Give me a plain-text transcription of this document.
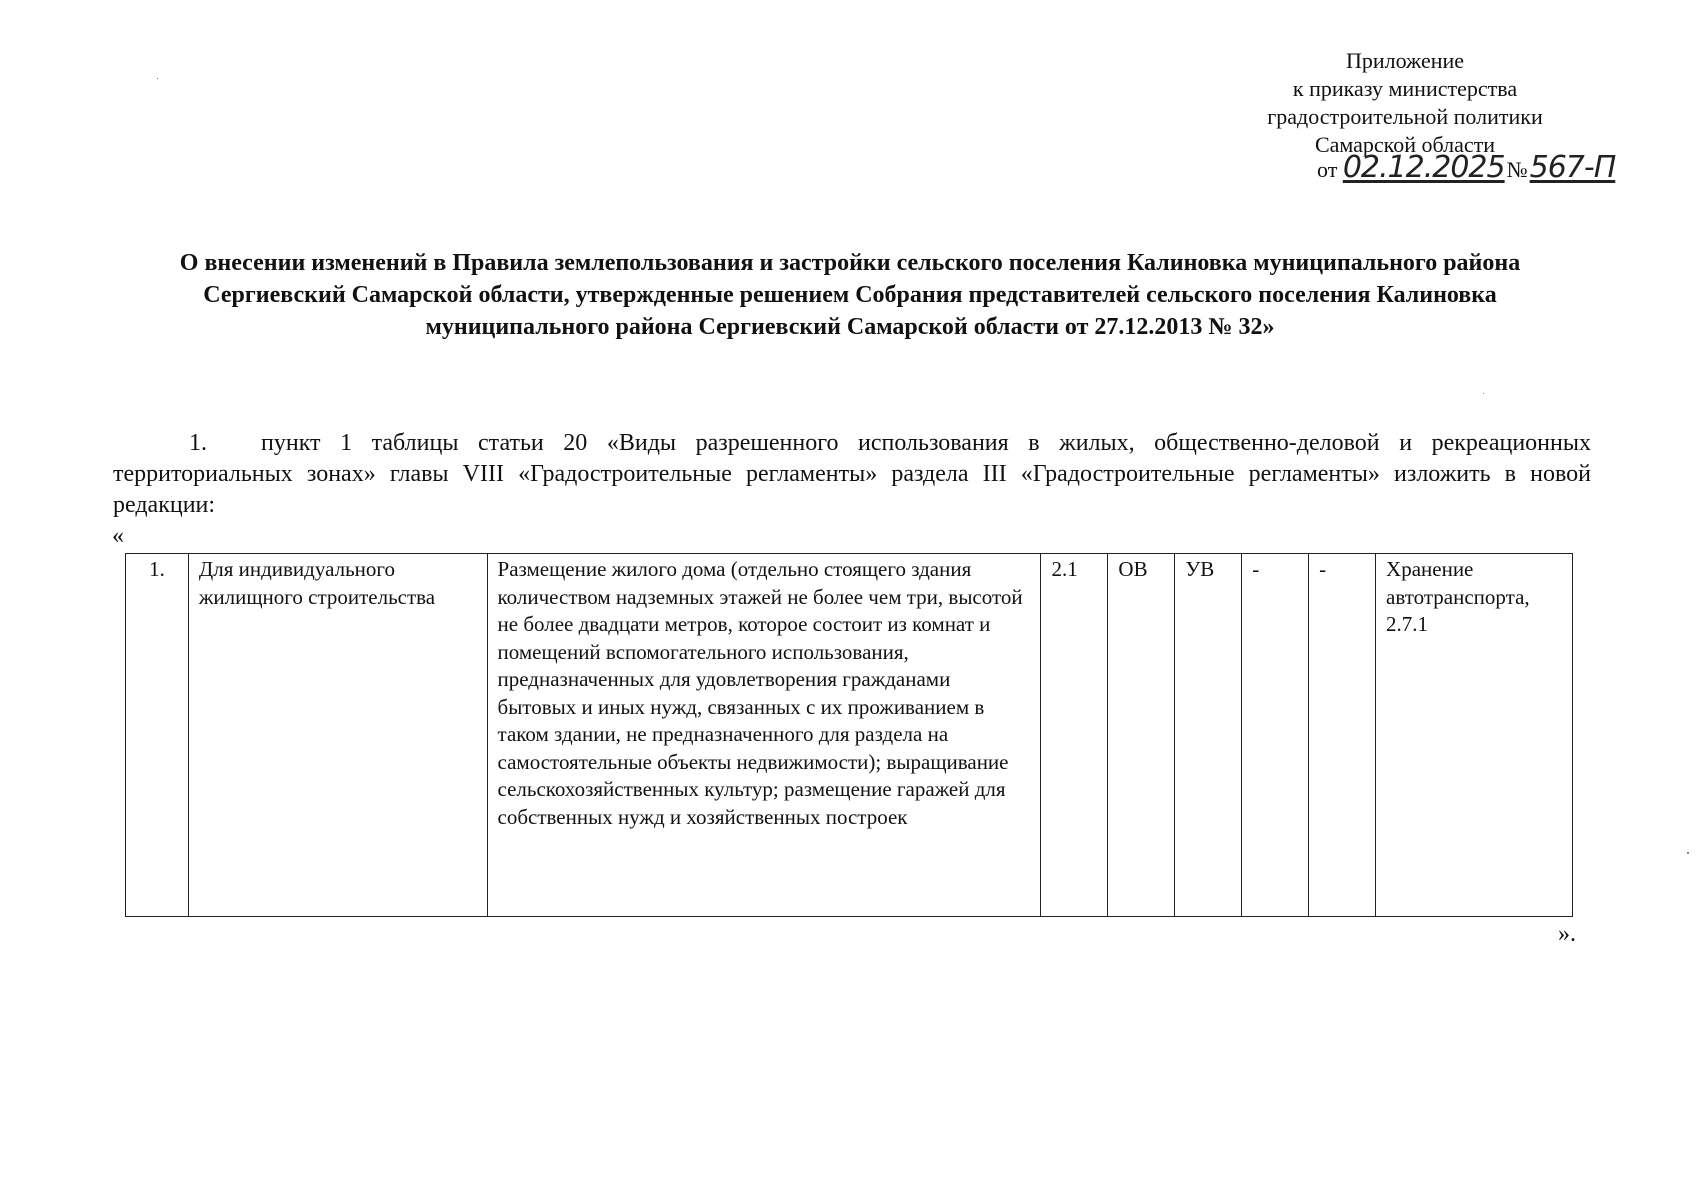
Приложение
к приказу министерства
градостроительной политики
Самарской области
от 02.12.2025№567-П
О внесении изменений в Правила землепользования и застройки сельского поселения Калиновка муниципального района Сергиевский Самарской области, утвержденные решением Собрания представителей сельского поселения Калиновка муниципального района Сергиевский Самарской области от 27.12.2013 № 32»
1. пункт 1 таблицы статьи 20 «Виды разрешенного использования в жилых, общественно-деловой и рекреационных территориальных зонах» главы VIII «Градостроительные регламенты» раздела III «Градостроительные регламенты» изложить в новой редакции:
«
1.	Для индивидуального жилищного строительства	Размещение жилого дома (отдельно стоящего здания количеством надземных этажей не более чем три, высотой не более двадцати метров, которое состоит из комнат и помещений вспомогательного использования, предназначенных для удовлетворения гражданами бытовых и иных нужд, связанных с их проживанием в таком здании, не предназначенного для раздела на самостоятельные объекты недвижимости); выращивание сельскохозяйственных культур; размещение гаражей для собственных нужд и хозяйственных построек	2.1	ОВ	УВ	-	-	Хранение автотранспорта, 2.7.1
».
